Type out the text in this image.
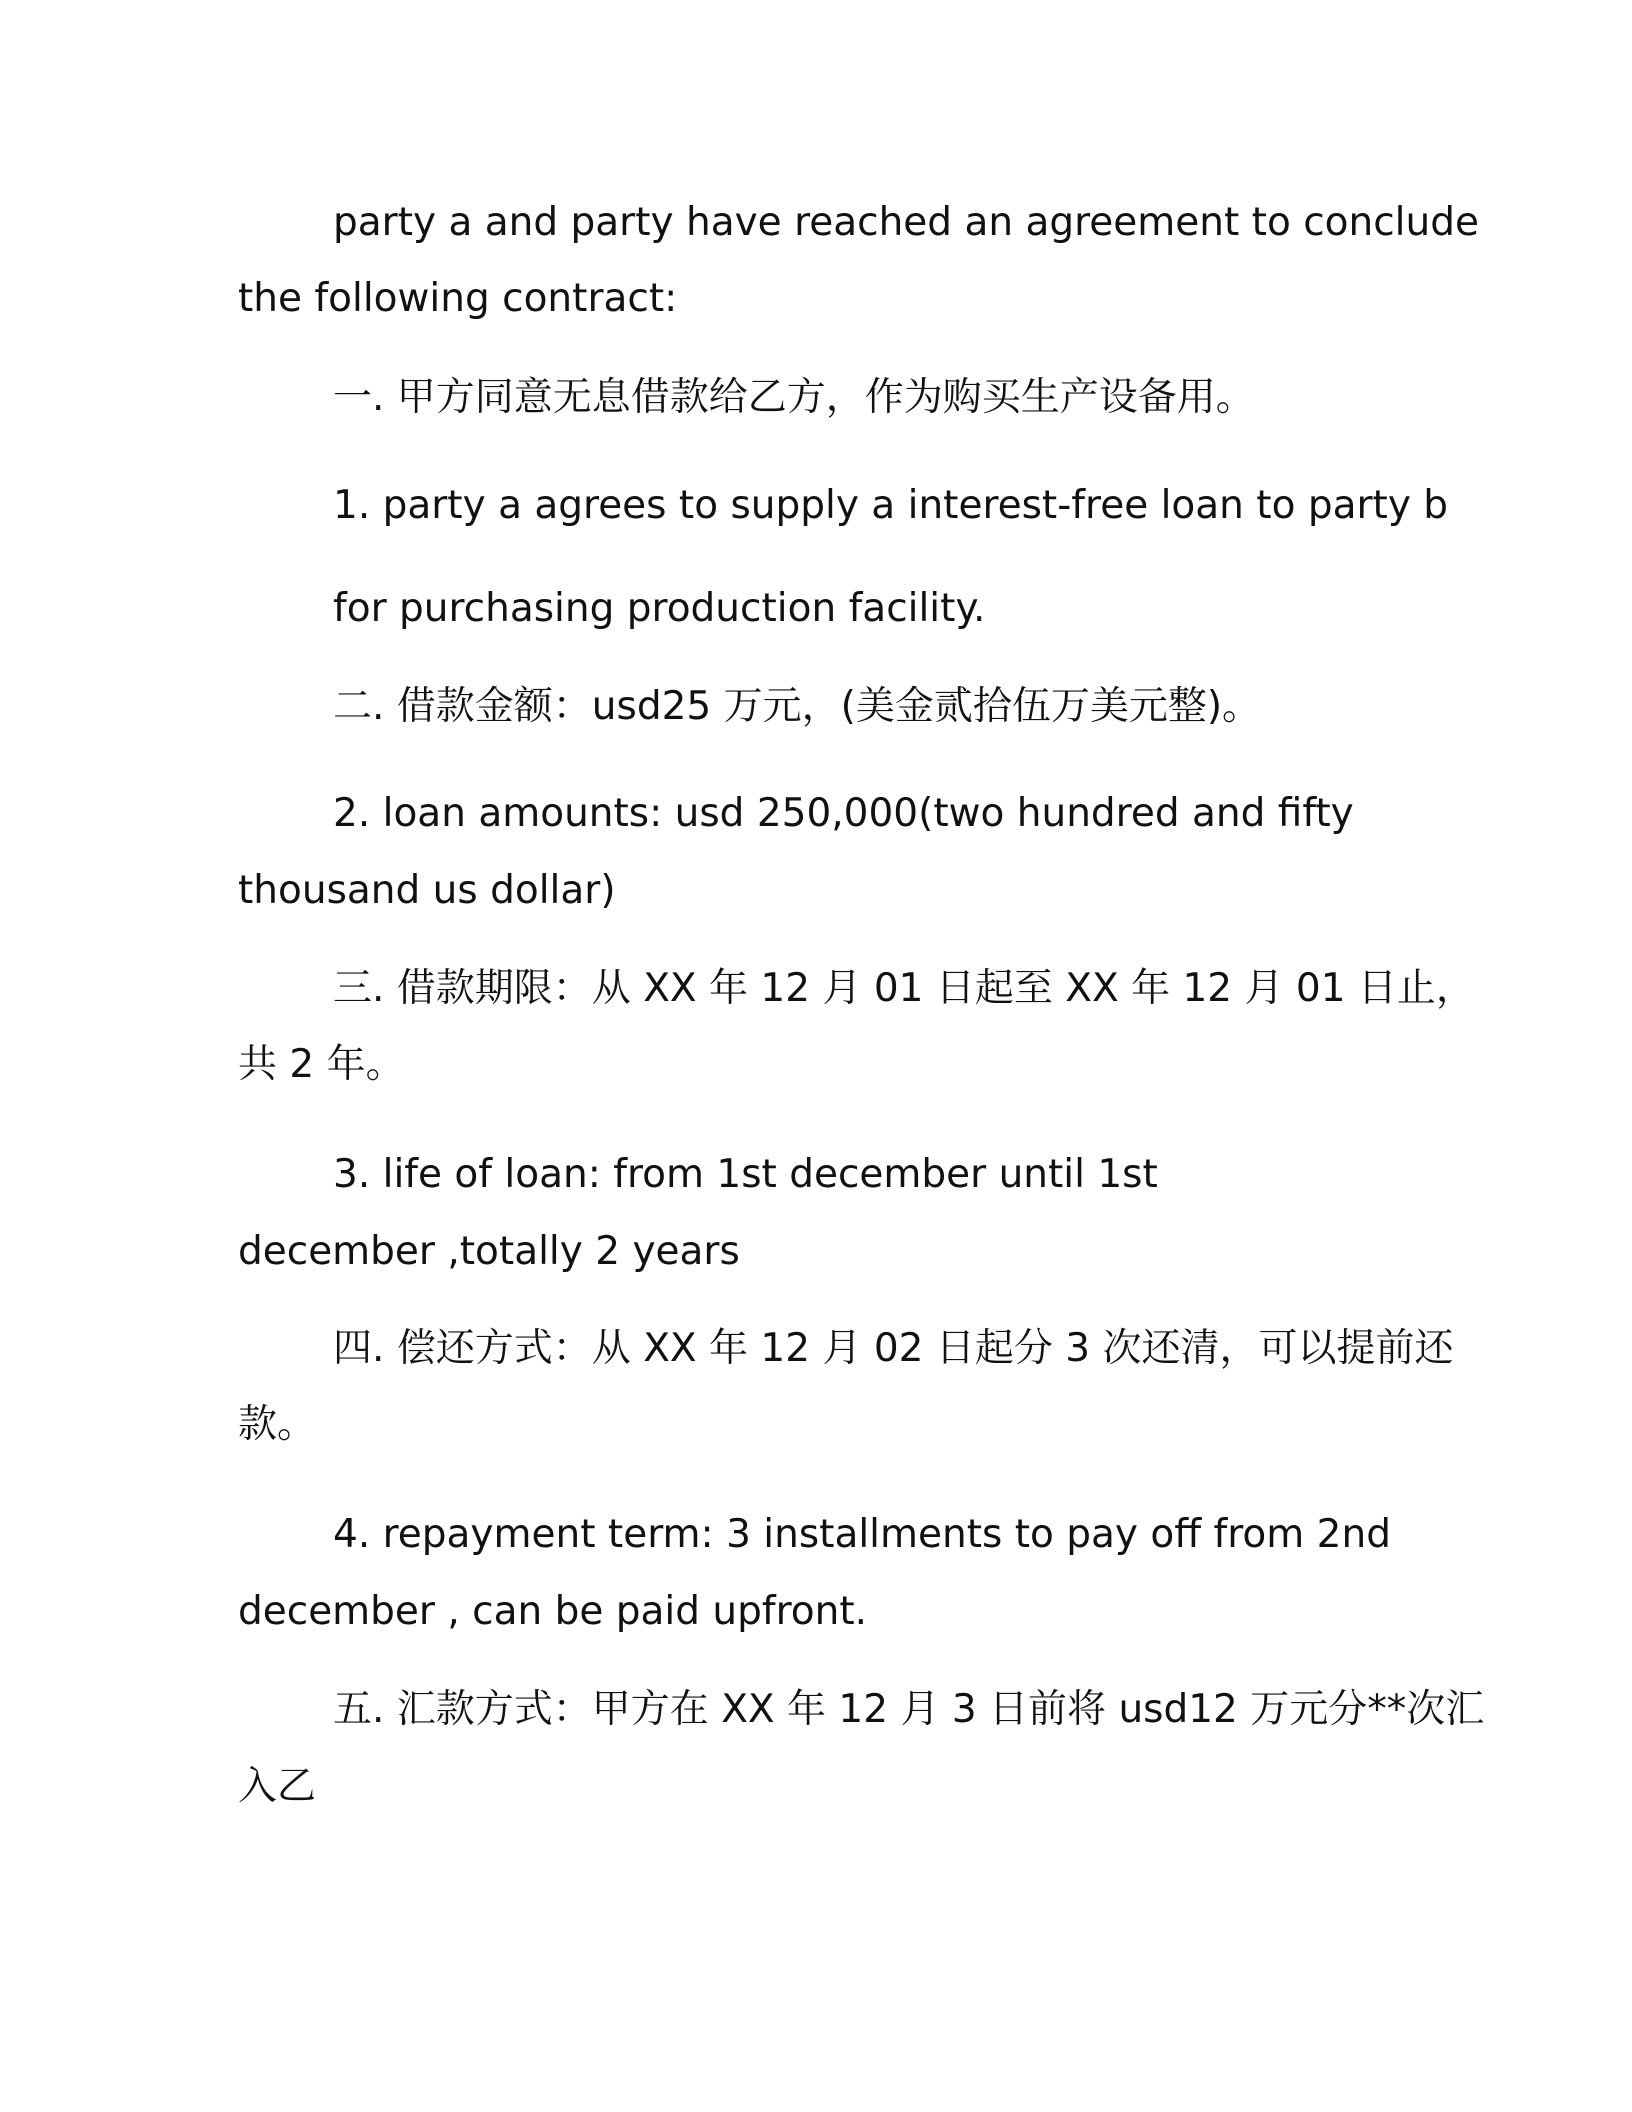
party a and party have reached an agreement to conclude
the following contract:
一. 甲方同意无息借款给乙方，作为购买生产设备用。
1. party a agrees to supply a interest-free loan to party b
for purchasing production facility.
二. 借款金额：usd25 万元，(美金贰拾伍万美元整)。
2. loan amounts: usd 250,000(two hundred and fifty
thousand us dollar)
三. 借款期限：从 XX 年 12 月 01 日起至 XX 年 12 月 01 日止，
共 2 年。
3. life of loan: from 1st december until 1st
december ,totally 2 years
四. 偿还方式：从 XX 年 12 月 02 日起分 3 次还清，可以提前还
款。
4. repayment term: 3 installments to pay off from 2nd
december , can be paid upfront.
五. 汇款方式：甲方在 XX 年 12 月 3 日前将 usd12 万元分**次汇
入乙
